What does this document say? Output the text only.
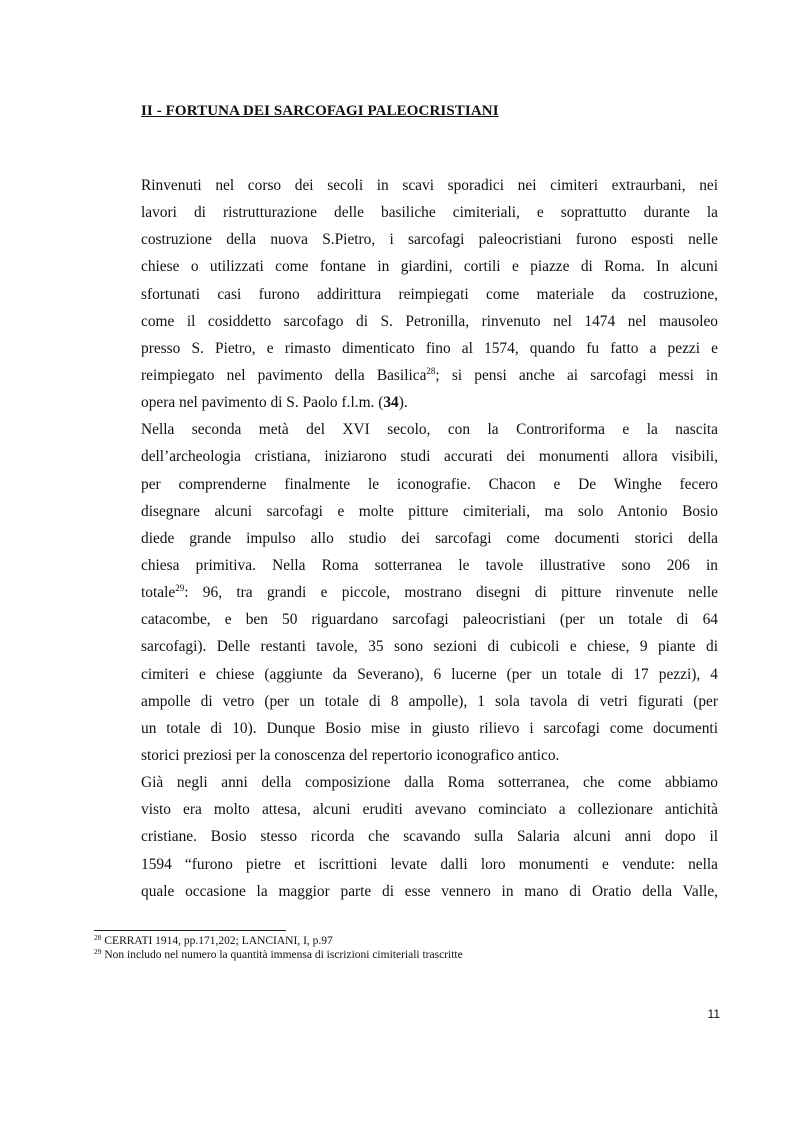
II - FORTUNA DEI SARCOFAGI PALEOCRISTIANI
Rinvenuti nel corso dei secoli in scavi sporadici nei cimiteri extraurbani, nei
lavori di ristrutturazione delle basiliche cimiteriali, e soprattutto durante la
costruzione della nuova S.Pietro, i sarcofagi paleocristiani furono esposti nelle
chiese o utilizzati come fontane in giardini, cortili e piazze di Roma. In alcuni
sfortunati casi furono addirittura reimpiegati come materiale da costruzione,
come il cosiddetto sarcofago di S. Petronilla, rinvenuto nel 1474 nel mausoleo
presso S. Pietro, e rimasto dimenticato fino al 1574, quando fu fatto a pezzi e
reimpiegato nel pavimento della Basilica$^{28}$; si pensi anche ai sarcofagi messi in
opera nel pavimento di S. Paolo f.l.m. (34).
Nella seconda metà del XVI secolo, con la Controriforma e la nascita
dell’archeologia cristiana, iniziarono studi accurati dei monumenti allora visibili,
per comprenderne finalmente le iconografie. Chacon e De Winghe fecero
disegnare alcuni sarcofagi e molte pitture cimiteriali, ma solo Antonio Bosio
diede grande impulso allo studio dei sarcofagi come documenti storici della
chiesa primitiva. Nella Roma sotterranea le tavole illustrative sono 206 in
totale$^{29}$: 96, tra grandi e piccole, mostrano disegni di pitture rinvenute nelle
catacombe, e ben 50 riguardano sarcofagi paleocristiani (per un totale di 64
sarcofagi). Delle restanti tavole, 35 sono sezioni di cubicoli e chiese, 9 piante di
cimiteri e chiese (aggiunte da Severano), 6 lucerne (per un totale di 17 pezzi), 4
ampolle di vetro (per un totale di 8 ampolle), 1 sola tavola di vetri figurati (per
un totale di 10). Dunque Bosio mise in giusto rilievo i sarcofagi come documenti
storici preziosi per la conoscenza del repertorio iconografico antico.
Già negli anni della composizione dalla Roma sotterranea, che come abbiamo
visto era molto attesa, alcuni eruditi avevano cominciato a collezionare antichità
cristiane. Bosio stesso ricorda che scavando sulla Salaria alcuni anni dopo il
1594 “furono pietre et iscrittioni levate dalli loro monumenti e vendute: nella
quale occasione la maggior parte di esse vennero in mano di Oratio della Valle,
$^{28}$ CERRATI 1914, pp.171,202; LANCIANI, I, p.97
$^{29}$ Non includo nel numero la quantità immensa di iscrizioni cimiteriali trascritte
11
